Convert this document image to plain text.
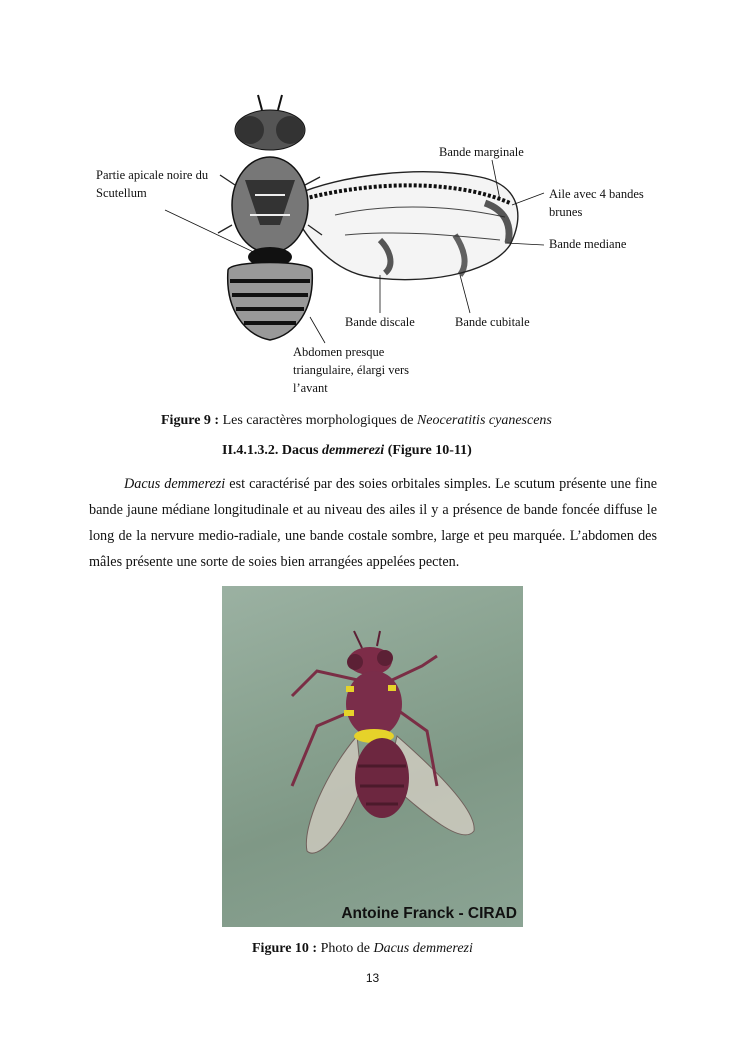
Partie apicale noire du Scutellum
Bande marginale
Aile avec 4 bandes brunes
Bande mediane
Bande discale	Bande cubitale
Abdomen presque triangulaire, élargi vers l’avant
Figure 9 : Les caractères morphologiques de Neoceratitis cyanescens
II.4.1.3.2. Dacus demmerezi (Figure 10-11)
Dacus demmerezi est caractérisé par des soies orbitales simples. Le scutum présente une fine bande jaune médiane longitudinale et au niveau des ailes il y a présence de bande foncée diffuse le long de la nervure medio-radiale, une bande costale sombre, large et peu marquée. L’abdomen des mâles présente une sorte de soies bien arrangées appelées pecten.
Antoine Franck - CIRAD
Figure 10 : Photo de Dacus demmerezi
13
